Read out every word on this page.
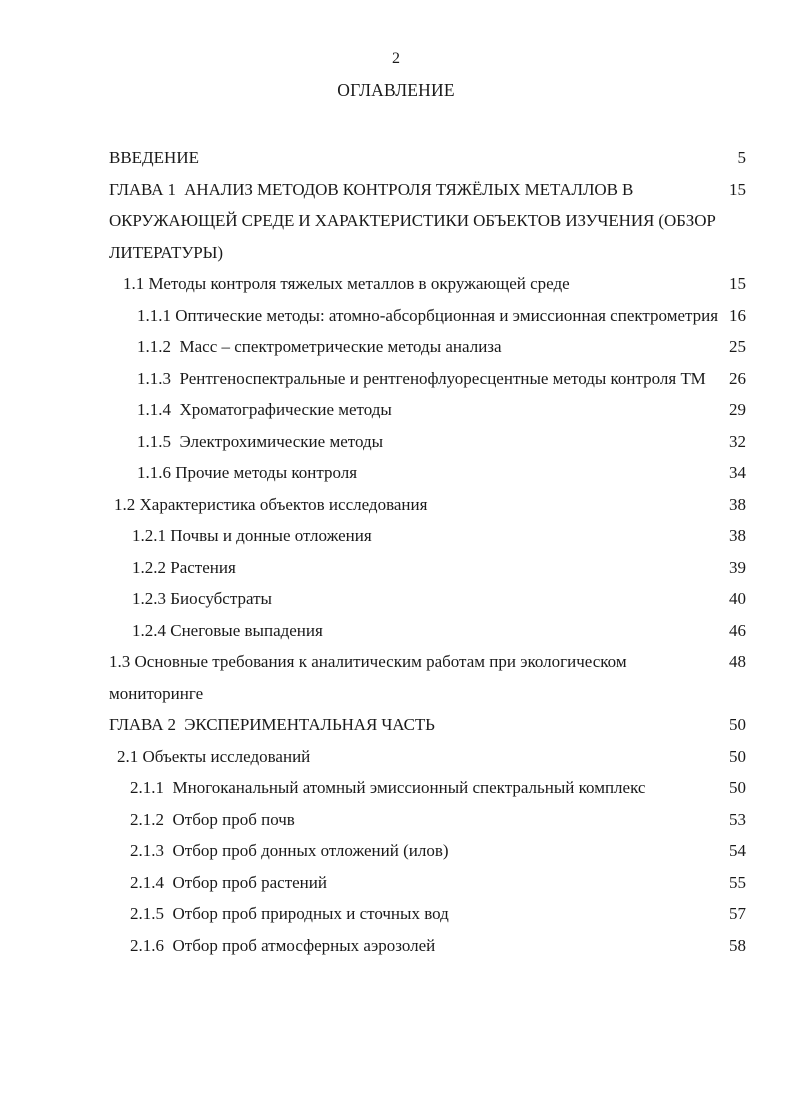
2
ОГЛАВЛЕНИЕ
ВВЕДЕНИЕ	5
ГЛАВА 1  АНАЛИЗ МЕТОДОВ КОНТРОЛЯ ТЯЖЁЛЫХ МЕТАЛЛОВ В ОКРУЖАЮЩЕЙ СРЕДЕ И ХАРАКТЕРИСТИКИ ОБЪЕКТОВ ИЗУЧЕНИЯ (ОБЗОР ЛИТЕРАТУРЫ)
15
1.1 Методы контроля тяжелых металлов в окружающей среде	15
1.1.1 Оптические методы: атомно-абсорбционная и эмиссионная спектрометрия 16
1.1.2  Масс – спектрометрические методы анализа	25
1.1.3  Рентгеноспектральные и рентгенофлуоресцентные методы контроля ТМ	26
1.1.4  Хроматографические методы	29
1.1.5  Электрохимические методы	32
1.1.6 Прочие методы контроля	34
1.2 Характеристика объектов исследования	38
1.2.1 Почвы и донные отложения	38
1.2.2 Растения	39
1.2.3 Биосубстраты	40
1.2.4 Снеговые выпадения	46
1.3 Основные требования к аналитическим работам при экологическом мониторинге
48
ГЛАВА 2  ЭКСПЕРИМЕНТАЛЬНАЯ ЧАСТЬ	50
2.1 Объекты исследований	50
2.1.1  Многоканальный атомный эмиссионный спектральный комплекс	50
2.1.2  Отбор проб почв	53
2.1.3  Отбор проб донных отложений (илов)	54
2.1.4  Отбор проб растений	55
2.1.5  Отбор проб природных и сточных вод	57
2.1.6  Отбор проб атмосферных аэрозолей	58
